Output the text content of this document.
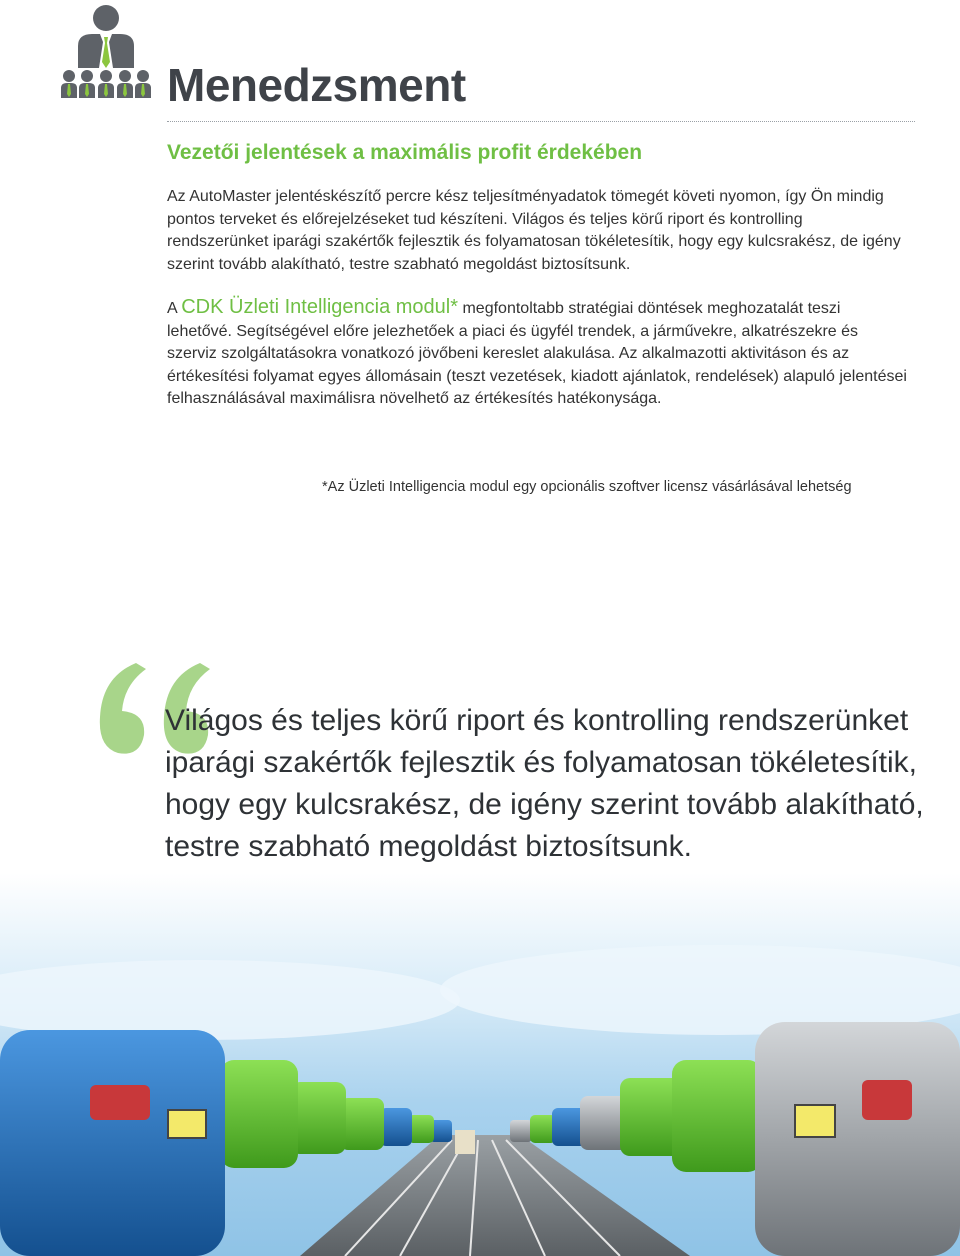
Menedzsment
Vezetői jelentések a maximális profit érdekében

Az AutoMaster jelentéskészítő percre kész teljesítményadatok tömegét követi nyomon, így Ön mindig pontos terveket és előrejelzéseket tud készíteni. Világos és teljes körű riport és kontrolling rendszerünket iparági szakértők fejlesztik és folyamatosan tökéletesítik, hogy egy kulcsrakész, de igény szerint tovább alakítható, testre szabható megoldást biztosítsunk.

A CDK Üzleti Intelligencia modul* megfontoltabb stratégiai döntések meghozatalát teszi lehetővé. Segítségével előre jelezhetőek a piaci és ügyfél trendek, a járművekre, alkatrészekre és szerviz szolgáltatásokra vonatkozó jövőbeni kereslet alakulása. Az alkalmazotti aktivitáson és az értékesítési folyamat egyes állomásain (teszt vezetések, kiadott ajánlatok, rendelések) alapuló jelentései felhasználásával maximálisra növelhető az értékesítés hatékonysága.

*Az Üzleti Intelligencia modul egy opcionális szoftver licensz vásárlásával lehetség

Világos és teljes körű riport és kontrolling rendszerünket iparági szakértők fejlesztik és folyamatosan tökéletesítik, hogy egy kulcsrakész, de igény szerint tovább alakítható, testre szabható megoldást biztosítsunk.
